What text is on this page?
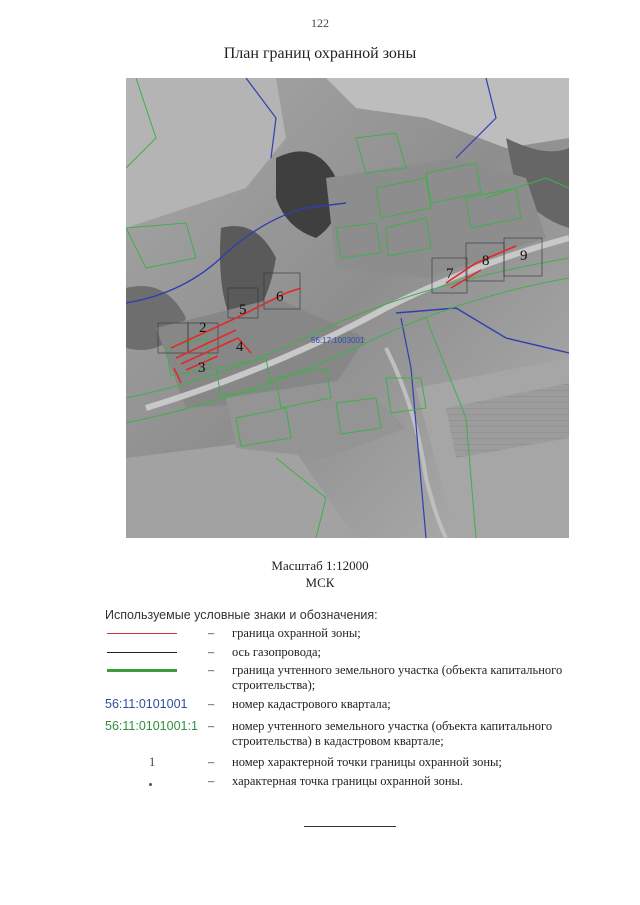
122
План границ охранной зоны
56:17:1003001
2
3
4
5
6
7
8 9
Масштаб 1:12000
МСК
Используемые условные знаки и обозначения:
– граница охранной зоны;
– ось газопровода;
– граница учтенного земельного участка (объекта капитального строительства);
56:11:0101001	– номер кадастрового квартала;
56:11:0101001:1 – номер учтенного земельного участка (объекта капитального строительства) в кадастровом квартале;
1	– номер характерной точки границы охранной зоны;
– характерная точка границы охранной зоны.
